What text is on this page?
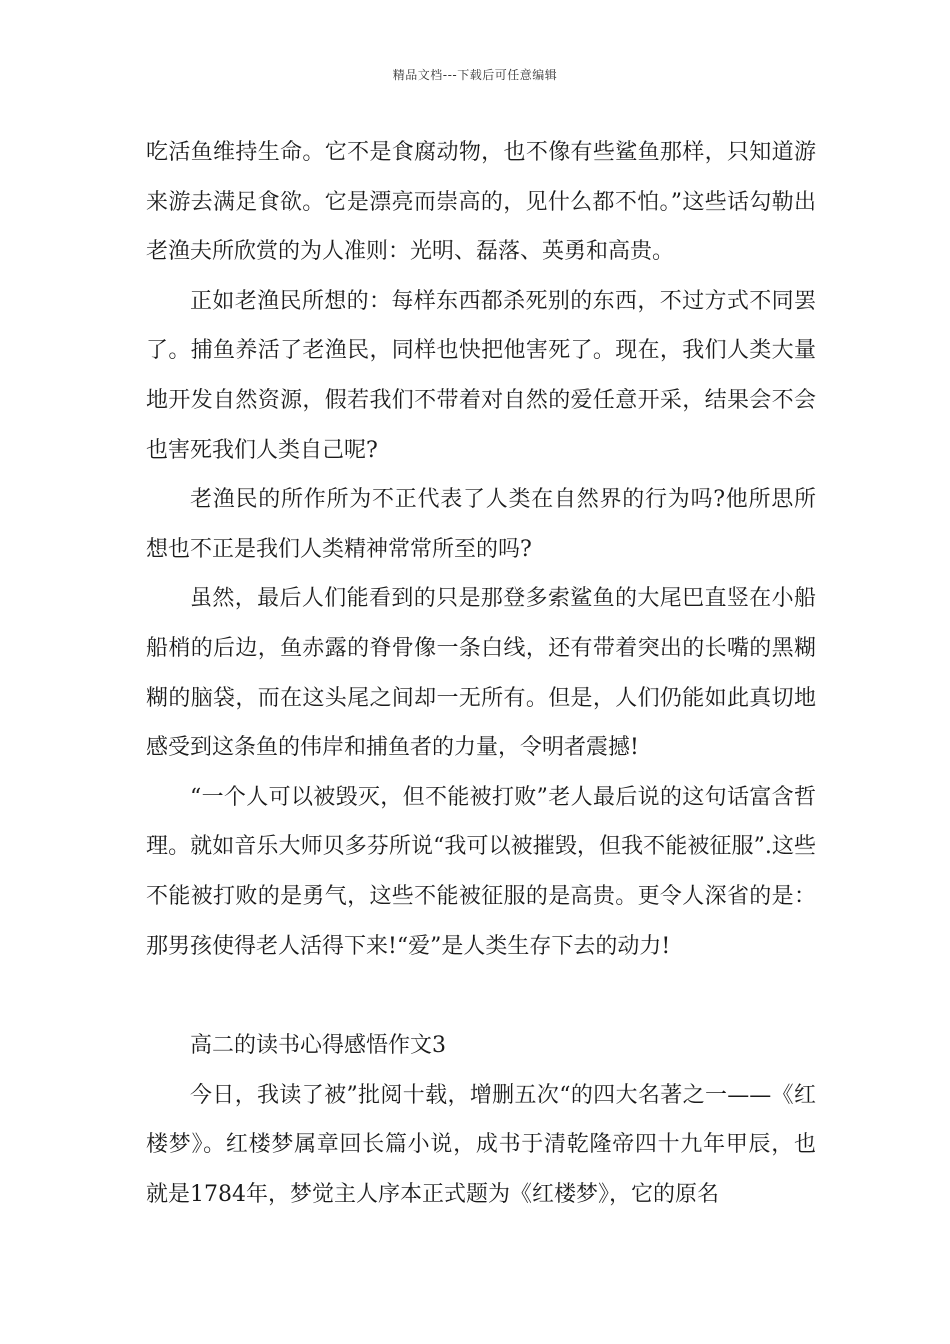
精品文档---下载后可任意编辑

吃活鱼维持生命。它不是食腐动物，也不像有些鲨鱼那样，只知道游来游去满足食欲。它是漂亮而崇高的，见什么都不怕。”这些话勾勒出老渔夫所欣赏的为人准则：光明、磊落、英勇和高贵。

正如老渔民所想的：每样东西都杀死别的东西，不过方式不同罢了。捕鱼养活了老渔民，同样也快把他害死了。现在，我们人类大量地开发自然资源，假若我们不带着对自然的爱任意开采，结果会不会也害死我们人类自己呢?

老渔民的所作所为不正代表了人类在自然界的行为吗?他所思所想也不正是我们人类精神常常所至的吗?

虽然，最后人们能看到的只是那登多索鲨鱼的大尾巴直竖在小船船梢的后边，鱼赤露的脊骨像一条白线，还有带着突出的长嘴的黑糊糊的脑袋，而在这头尾之间却一无所有。但是，人们仍能如此真切地感受到这条鱼的伟岸和捕鱼者的力量，令明者震撼!

“一个人可以被毁灭，但不能被打败”老人最后说的这句话富含哲理。就如音乐大师贝多芬所说“我可以被摧毁，但我不能被征服”.这些不能被打败的是勇气，这些不能被征服的是高贵。更令人深省的是：那男孩使得老人活得下来!“爱”是人类生存下去的动力!

高二的读书心得感悟作文3

今日，我读了被”批阅十载，增删五次“的四大名著之一——《红楼梦》。红楼梦属章回长篇小说，成书于清乾隆帝四十九年甲辰，也就是1784年，梦觉主人序本正式题为《红楼梦》，它的原名
